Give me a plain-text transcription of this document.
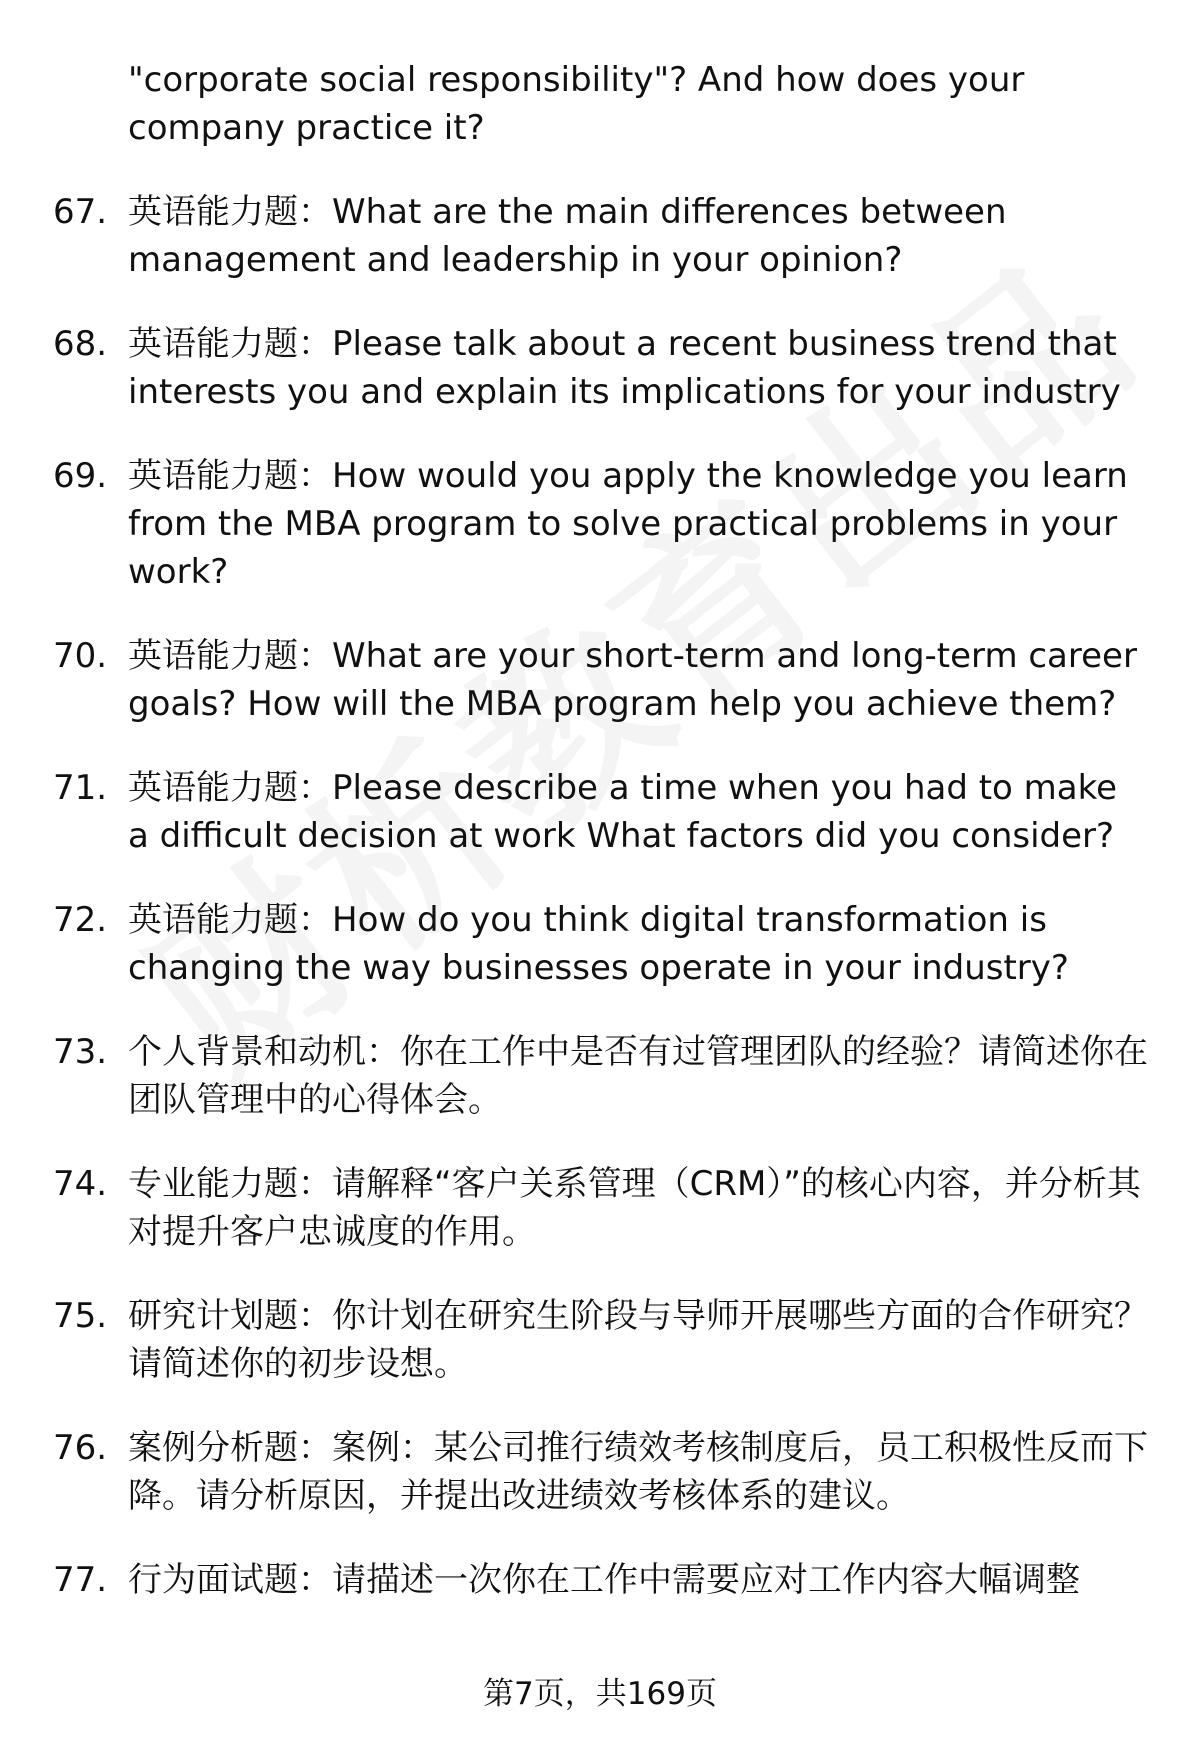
"corporate social responsibility"? And how does your company practice it?
67. 英语能力题：What are the main differences between management and leadership in your opinion?
68. 英语能力题：Please talk about a recent business trend that interests you and explain its implications for your industry
69. 英语能力题：How would you apply the knowledge you learn from the MBA program to solve practical problems in your work?
70. 英语能力题：What are your short-term and long-term career goals? How will the MBA program help you achieve them?
71. 英语能力题：Please describe a time when you had to make a difficult decision at work What factors did you consider?
72. 英语能力题：How do you think digital transformation is changing the way businesses operate in your industry?
73. 个人背景和动机：你在工作中是否有过管理团队的经验？请简述你在团队管理中的心得体会。
74. 专业能力题：请解释“客户关系管理（CRM）”的核心内容，并分析其对提升客户忠诚度的作用。
75. 研究计划题：你计划在研究生阶段与导师开展哪些方面的合作研究？请简述你的初步设想。
76. 案例分析题：案例：某公司推行绩效考核制度后，员工积极性反而下降。请分析原因，并提出改进绩效考核体系的建议。
77. 行为面试题：请描述一次你在工作中需要应对工作内容大幅调整
第7页，共169页
